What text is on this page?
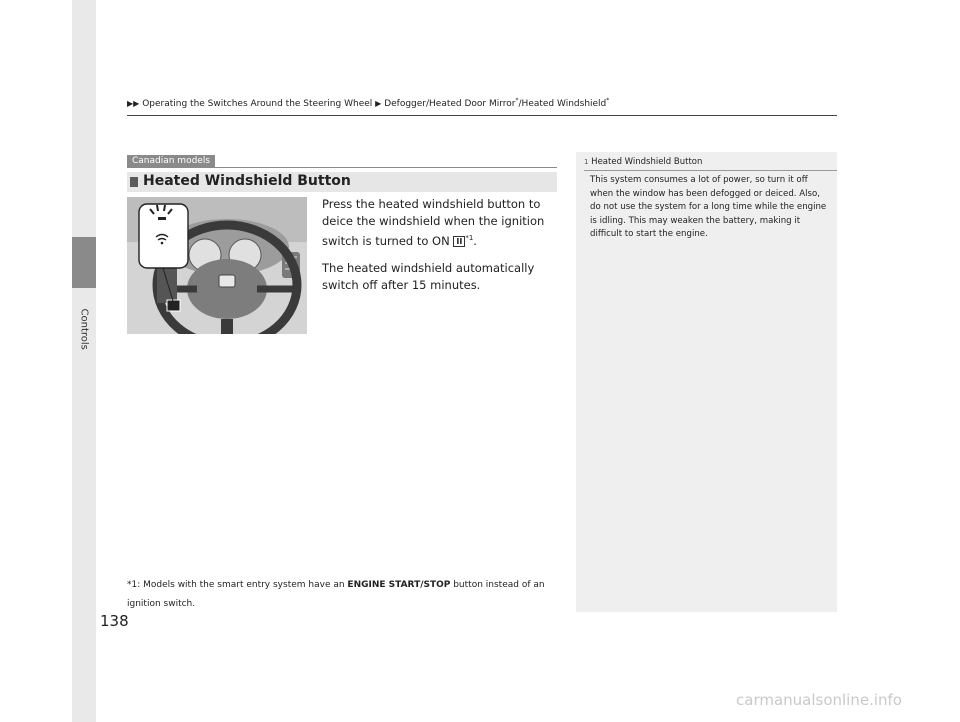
Controls
▶▶ Operating the Switches Around the Steering Wheel ▶ Defogger/Heated Door Mirror*/Heated Windshield*
Canadian models
Heated Windshield Button

Press the heated windshield button to deice the windshield when the ignition switch is turned to ON II $^{*1}$.

The heated windshield automatically switch off after 15 minutes.

*1: Models with the smart entry system have an ENGINE START/STOP button instead of an ignition switch.
1 Heated Windshield Button
This system consumes a lot of power, so turn it off when the window has been defogged or deiced. Also, do not use the system for a long time while the engine is idling. This may weaken the battery, making it difficult to start the engine.
138
carmanualsonline.info
